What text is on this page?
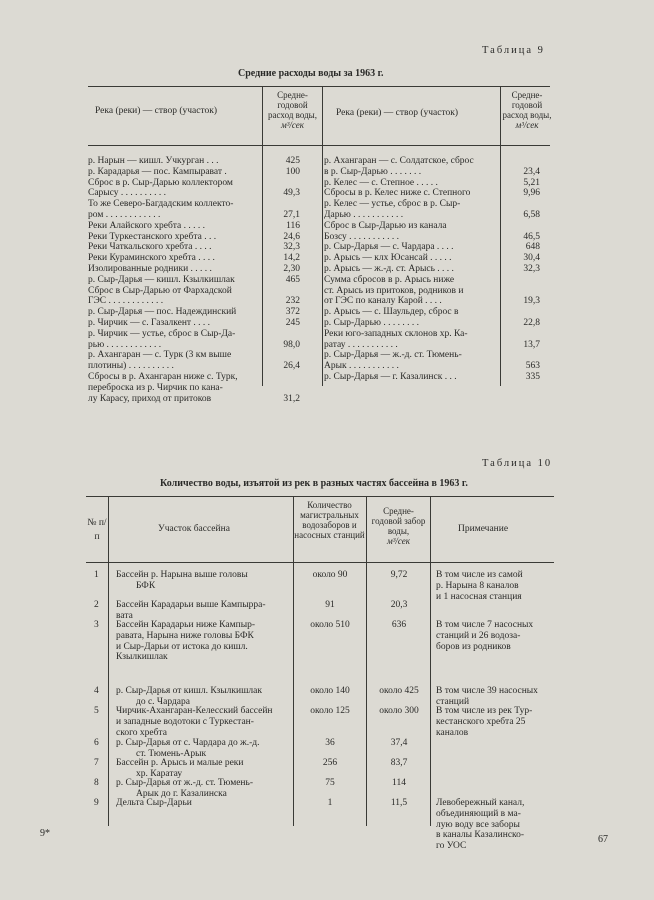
Таблица 9
Средние расходы воды за 1963 г.
Река (реки) — створ (участок)
Средне-годовой расход воды,
м³/сек
Река (реки) — створ (участок)
Средне-годовой расход воды,
м³/сек
р. Нарын — кишл. Учкурган . . .	425
р. Карадарья — пос. Кампырават .	100
Сброс в р. Сыр-Дарью коллектором
Сарысу . . . . . . . . . .	49,3
То же Северо-Багдадским коллекто-
ром . . . . . . . . . . . .	27,1
Реки Алайского хребта . . . . .	116
Реки Туркестанского хребта . . .	24,6
Реки Чаткальского хребта . . . .	32,3
Реки Кураминского хребта . . . .	14,2
Изолированные родники . . . . .	2,30
р. Сыр-Дарья — кишл. Кзылкишлак	465
Сброс в Сыр-Дарью от Фархадской
ГЭС . . . . . . . . . . . .	232
р. Сыр-Дарья — пос. Надеждинский	372
р. Чирчик — с. Газалкент . . . .	245
р. Чирчик — устье, сброс в Сыр-Да-
рью . . . . . . . . . . . .	98,0
р. Ахангаран — с. Турк (3 км выше
плотины) . . . . . . . . . .	26,4
Сбросы в р. Ахангаран ниже с. Турк,
переброска из р. Чирчик по кана-
лу Карасу, приход от притоков	31,2
р. Ахангаран — с. Солдатское, сброс
в р. Сыр-Дарью . . . . . . .	23,4
р. Келес — с. Степное . . . . .	5,21
Сбросы в р. Келес ниже с. Степного	9,96
р. Келес — устье, сброс в р. Сыр-
Дарью . . . . . . . . . . .	6,58
Сброс в Сыр-Дарью из канала
Бозсу . . . . . . . . . . .	46,5
р. Сыр-Дарья — с. Чардара . . . .	648
р. Арысь — клх Юсансай . . . . .	30,4
р. Арысь — ж.-д. ст. Арысь . . . .	32,3
Сумма сбросов в р. Арысь ниже
ст. Арысь из притоков, родников и
от ГЭС по каналу Карой . . . .	19,3
р. Арысь — с. Шаульдер, сброс в
р. Сыр-Дарью . . . . . . . .	22,8
Реки юго-западных склонов хр. Ка-
ратау . . . . . . . . . . .	13,7
р. Сыр-Дарья — ж.-д. ст. Тюмень-
Арык . . . . . . . . . . .	563
р. Сыр-Дарья — г. Казалинск . . .	335
Таблица 10
Количество воды, изъятой из рек в разных частях бассейна в 1963 г.
№ п/п
Участок бассейна
Количество магистральных водозаборов и насосных станций
Средне-годовой забор воды,
м³/сек
Примечание
1 Бассейн р. Нарына выше головы
БФК
около 90	9,72	В том числе из самой
р. Нарына 8 каналов
и 1 насосная станция
2 Бассейн Карадарьи выше Кампырра-
вата
91	20,3
3 Бассейн Карадарьи ниже Кампыр-
равата, Нарына ниже головы БФК
и Сыр-Дарьи от истока до кишл.
Кзылкишлак
около 510	636	В том числе 7 насосных
станций и 26 водоза-
боров из родников
4 р. Сыр-Дарья от кишл. Кзылкишлак
до с. Чардара
около 140	около 425	В том числе 39 насосных
станций
5 Чирчик-Ахангаран-Келесский бассейн
и западные водотоки с Туркестан-
ского хребта
около 125	около 300	В том числе из рек Тур-
кестанского хребта 25
каналов
6 р. Сыр-Дарья от с. Чардара до ж.-д.
ст. Тюмень-Арык
36	37,4
7 Бассейн р. Арысь и малые реки
хр. Каратау
256	83,7
8 р. Сыр-Дарья от ж.-д. ст. Тюмень-
Арык до г. Казалинска
75	114
9 Дельта Сыр-Дарьи	1	11,5	Левобережный канал,
объединяющий в ма-
лую воду все заборы
в каналы Казалинско-
го УОС
9*
67
